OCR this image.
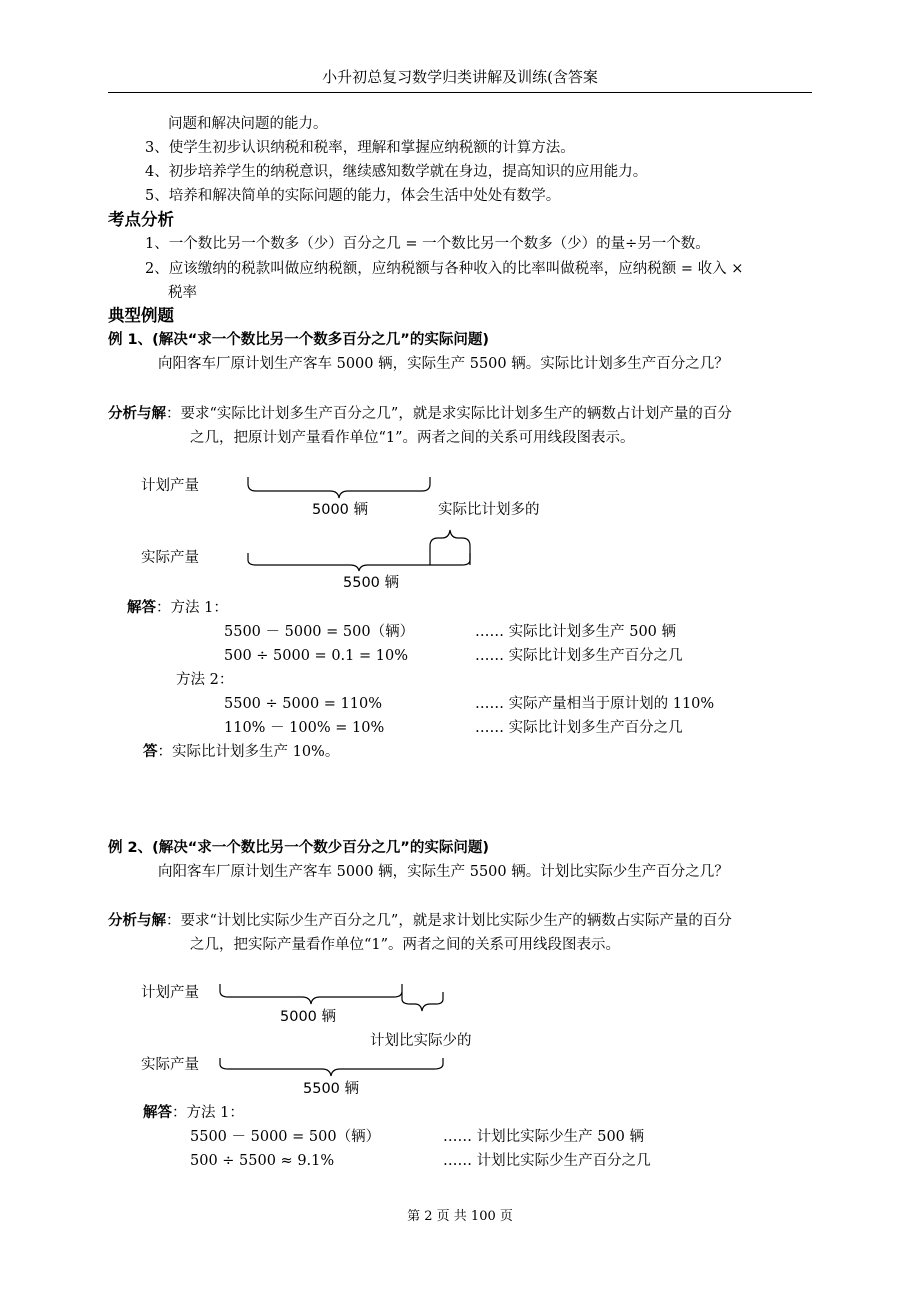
小升初总复习数学归类讲解及训练(含答案
问题和解决问题的能力。
3、使学生初步认识纳税和税率，理解和掌握应纳税额的计算方法。
4、初步培养学生的纳税意识，继续感知数学就在身边，提高知识的应用能力。
5、培养和解决简单的实际问题的能力，体会生活中处处有数学。
考点分析
1、一个数比另一个数多（少）百分之几 = 一个数比另一个数多（少）的量÷另一个数。
2、应该缴纳的税款叫做应纳税额，应纳税额与各种收入的比率叫做税率，应纳税额 = 收入 ×
税率
典型例题
例 1、(解决“求一个数比另一个数多百分之几”的实际问题)
向阳客车厂原计划生产客车 5000 辆，实际生产 5500 辆。实际比计划多生产百分之几？
分析与解：要求“实际比计划多生产百分之几”，就是求实际比计划多生产的辆数占计划产量的百分
之几，把原计划产量看作单位“1”。两者之间的关系可用线段图表示。
计划产量
5000 辆	实际比计划多的
实际产量
5500 辆
解答：方法 1：
5500 － 5000 = 500（辆）	…… 实际比计划多生产 500 辆
500 ÷ 5000 = 0.1 = 10%	…… 实际比计划多生产百分之几
方法 2：
5500 ÷ 5000 = 110%	…… 实际产量相当于原计划的 110%
110% － 100% = 10%	…… 实际比计划多生产百分之几
答：实际比计划多生产 10%。
例 2、(解决“求一个数比另一个数少百分之几”的实际问题)
向阳客车厂原计划生产客车 5000 辆，实际生产 5500 辆。计划比实际少生产百分之几？
分析与解：要求“计划比实际少生产百分之几”，就是求计划比实际少生产的辆数占实际产量的百分
之几，把实际产量看作单位“1”。两者之间的关系可用线段图表示。
计划产量
5000 辆
计划比实际少的
实际产量
5500 辆
解答：方法 1：
5500 － 5000 = 500（辆）	…… 计划比实际少生产 500 辆
500 ÷ 5500 ≈ 9.1%	…… 计划比实际少生产百分之几
第 2 页 共 100 页
